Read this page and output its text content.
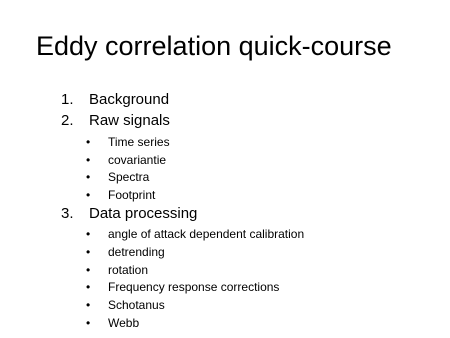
Eddy correlation quick-course
1. Background
2. Raw signals
• Time series
• covariantie
• Spectra
• Footprint
3. Data processing
• angle of attack dependent calibration
• detrending
• rotation
• Frequency response corrections
• Schotanus
• Webb
